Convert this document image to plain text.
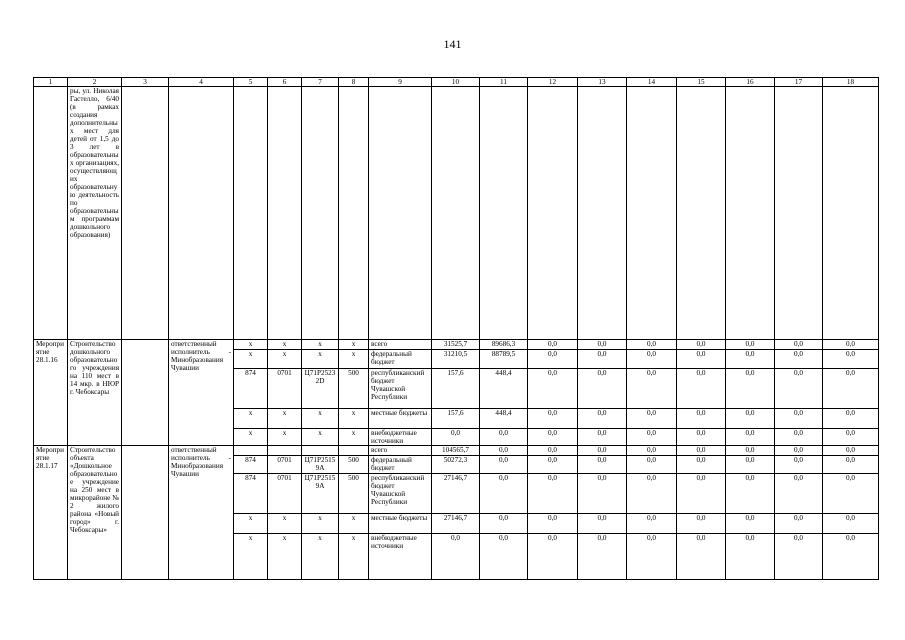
141
1	2	3	4	5	6	7	8	9	10	11	12	13	14	15	16	17	18
	ры, ул. Николая Гастелло, 6/40 (в рамках создания дополнительных мест для детей от 1,5 до 3 лет в образовательных организациях, осуществляющих образовательную деятельность по образовательным программам дошкольного образования)																
Мероприятие 28.1.16	Строительство дошкольного образовательного учреждения на 110 мест в 14 мкр. в НЮР г. Чебоксары		ответственный исполнитель - Минобразования Чувашии	x	x	x	x	всего	31525,7	89686,3	0,0	0,0	0,0	0,0	0,0	0,0	0,0
				x	x	x	x	федеральный бюджет	31210,5	88789,5	0,0	0,0	0,0	0,0	0,0	0,0	0,0
				874	0701	Ц71Р25232D	500	республиканский бюджет Чувашской Республики	157,6	448,4	0,0	0,0	0,0	0,0	0,0	0,0	0,0
				x	x	x	x	местные бюджеты	157,6	448,4	0,0	0,0	0,0	0,0	0,0	0,0	0,0
				x	x	x	x	внебюджетные источники	0,0	0,0	0,0	0,0	0,0	0,0	0,0	0,0	0,0
Мероприятие 28.1.17	Строительство объекта «Дошкольное образовательное учреждение на 250 мест в микрорайоне № 2 жилого района «Новый город» г. Чебоксары»		ответственный исполнитель - Минобразования Чувашии					всего	104565,7	0,0	0,0	0,0	0,0	0,0	0,0	0,0	0,0
				874	0701	Ц71Р25159А	500	федеральный бюджет	50272,3	0,0	0,0	0,0	0,0	0,0	0,0	0,0	0,0
				874	0701	Ц71Р25159А	500	республиканский бюджет Чувашской Республики	27146,7	0,0	0,0	0,0	0,0	0,0	0,0	0,0	0,0
				x	x	x	x	местные бюджеты	27146,7	0,0	0,0	0,0	0,0	0,0	0,0	0,0	0,0
				x	x	x	x	внебюджетные источники	0,0	0,0	0,0	0,0	0,0	0,0	0,0	0,0	0,0
